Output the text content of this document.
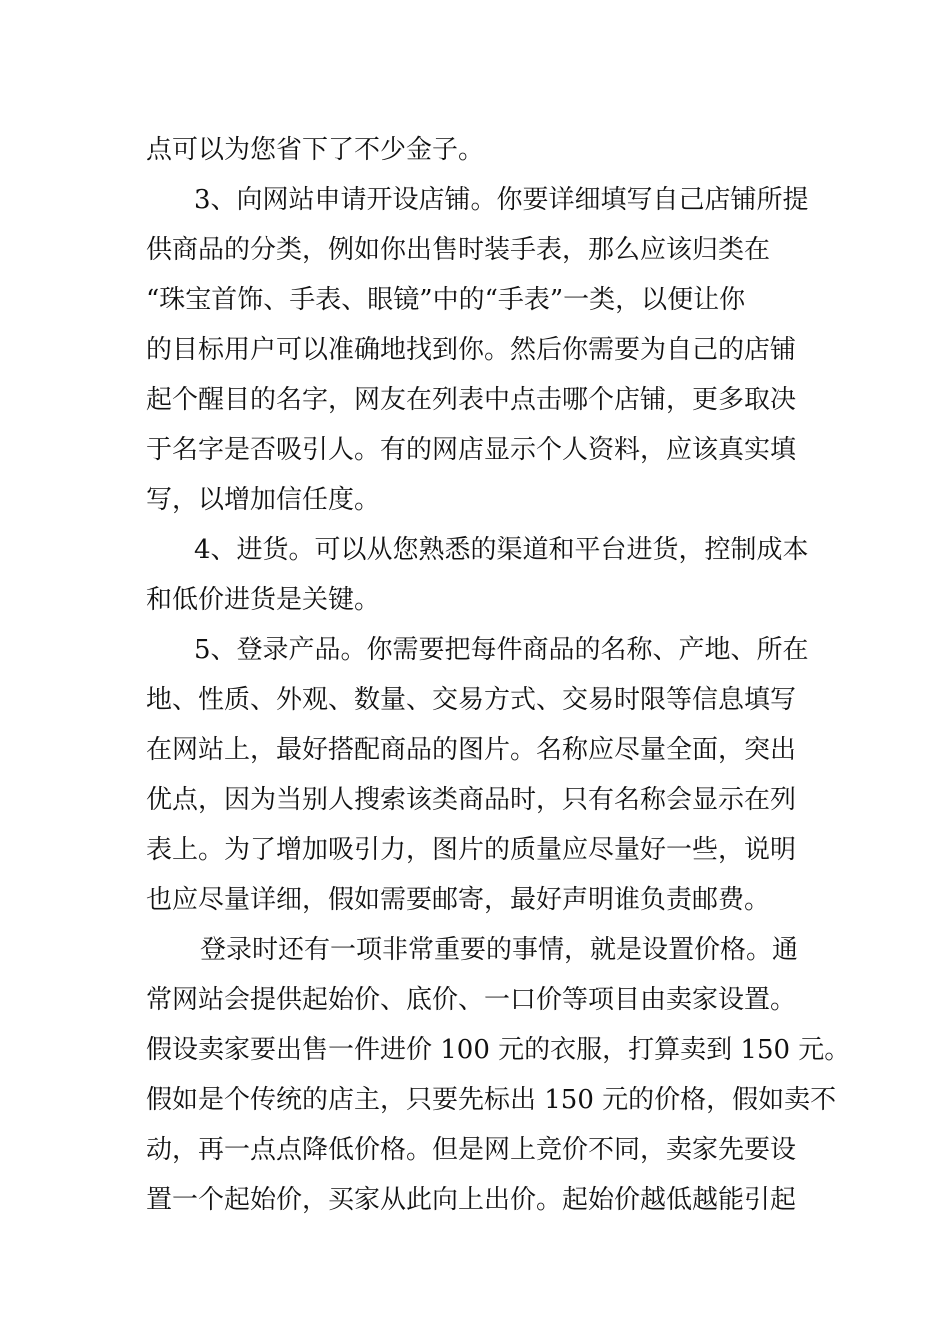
点可以为您省下了不少金子。
3、向网站申请开设店铺。你要详细填写自己店铺所提
供商品的分类，例如你出售时装手表，那么应该归类在
“珠宝首饰、手表、眼镜”中的“手表”一类，以便让你
的目标用户可以准确地找到你。然后你需要为自己的店铺
起个醒目的名字，网友在列表中点击哪个店铺，更多取决
于名字是否吸引人。有的网店显示个人资料，应该真实填
写，以增加信任度。
4、进货。可以从您熟悉的渠道和平台进货，控制成本
和低价进货是关键。
5、登录产品。你需要把每件商品的名称、产地、所在
地、性质、外观、数量、交易方式、交易时限等信息填写
在网站上，最好搭配商品的图片。名称应尽量全面，突出
优点，因为当别人搜索该类商品时，只有名称会显示在列
表上。为了增加吸引力，图片的质量应尽量好一些，说明
也应尽量详细，假如需要邮寄，最好声明谁负责邮费。
登录时还有一项非常重要的事情，就是设置价格。通
常网站会提供起始价、底价、一口价等项目由卖家设置。
假设卖家要出售一件进价 100 元的衣服，打算卖到 150 元。
假如是个传统的店主，只要先标出 150 元的价格，假如卖不
动，再一点点降低价格。但是网上竞价不同，卖家先要设
置一个起始价，买家从此向上出价。起始价越低越能引起
